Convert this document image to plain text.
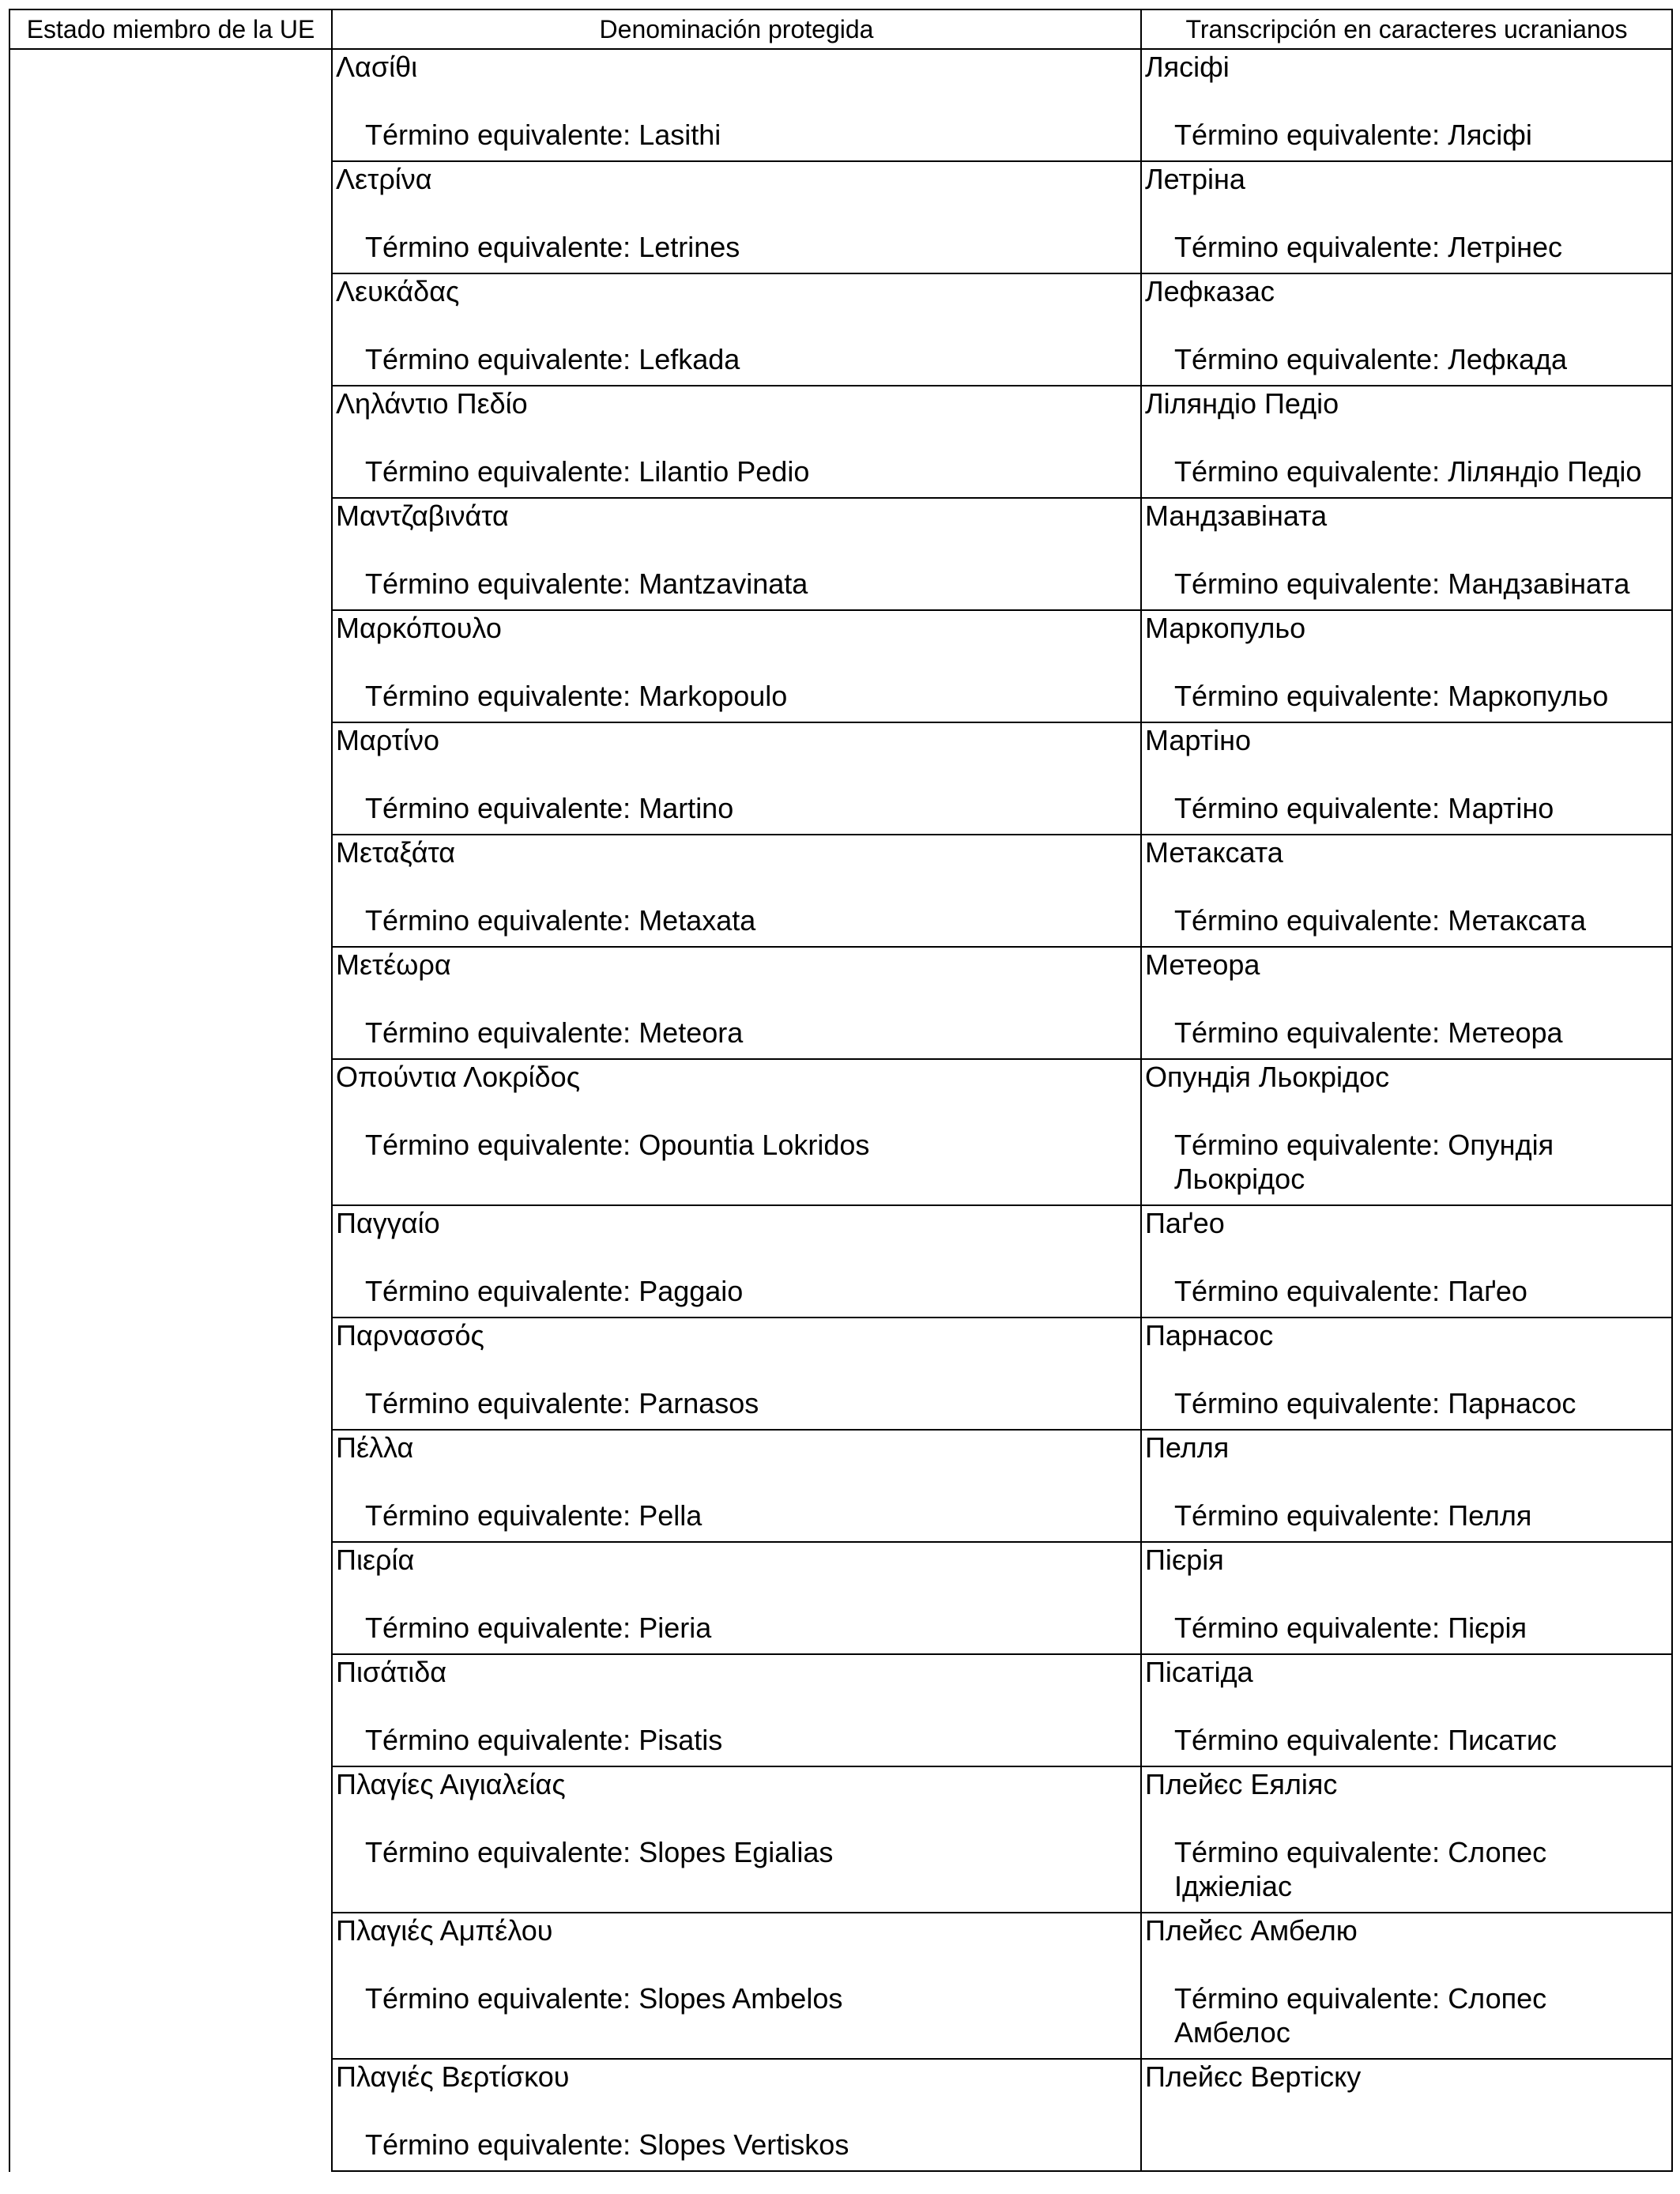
Estado miembro de la UE	Denominación protegida	Transcripción en caracteres ucranianos
Λασίθι
Término equivalente: Lasithi
Лясіфі
Término equivalente: Лясіфі
Λετρίνα
Término equivalente: Letrines
Летріна
Término equivalente: Летрінес
Λευκάδας
Término equivalente: Lefkada
Лефказас
Término equivalente: Лефкада
Ληλάντιο Πεδίο
Término equivalente: Lilantio Pedio
Ліляндіо Педіо
Término equivalente: Ліляндіо Педіо
Μαντζαβινάτα
Término equivalente: Mantzavinata
Мандзавіната
Término equivalente: Мандзавіната
Μαρκόπουλο
Término equivalente: Markopoulo
Маркопульо
Término equivalente: Маркопульо
Μαρτίνο
Término equivalente: Martino
Мартіно
Término equivalente: Мартіно
Μεταξάτα
Término equivalente: Metaxata
Метаксата
Término equivalente: Метаксата
Μετέωρα
Término equivalente: Meteora
Метеора
Término equivalente: Метеора
Οπούντια Λοκρίδος
Término equivalente: Opountia Lokridos
Опундія Льокрідос
Término equivalente: Опундія
Льокрідос
Παγγαίο
Término equivalente: Paggaio
Паґео
Término equivalente: Паґео
Παρνασσός
Término equivalente: Parnasos
Парнасос
Término equivalente: Парнасос
Πέλλα
Término equivalente: Pella
Пелля
Término equivalente: Пелля
Πιερία
Término equivalente: Pieria
Пієрія
Término equivalente: Пієрія
Πισάτιδα
Término equivalente: Pisatis
Пісатіда
Término equivalente: Писатис
Πλαγίες Αιγιαλείας
Término equivalente: Slopes Egialias
Плейєс Еяліяс
Término equivalente: Слопес
Іджіеліас
Πλαγιές Αμπέλου
Término equivalente: Slopes Ambelos
Плейєс Амбелю
Término equivalente: Слопес
Амбелос
Πλαγιές Βερτίσκου
Término equivalente: Slopes Vertiskos
Плейєс Вертіску
